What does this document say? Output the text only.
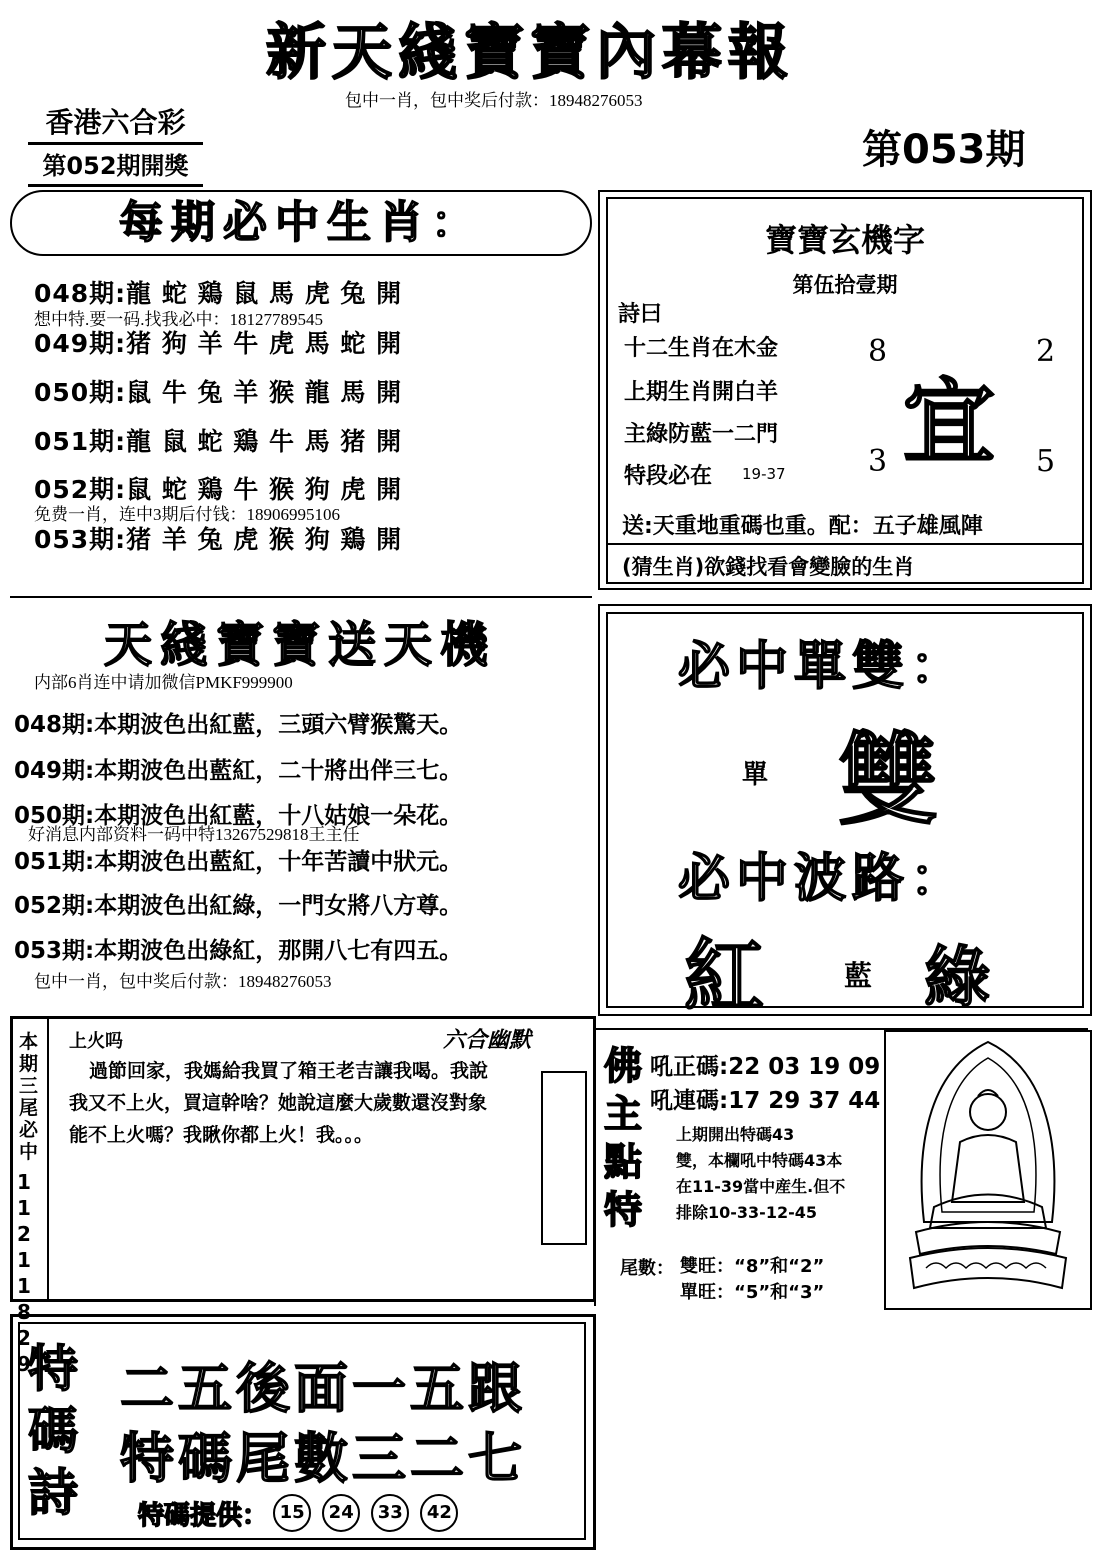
新天綫寶寶內幕報
包中一肖，包中奖后付款：18948276053
香港六合彩
第052期開獎	第053期
每期必中生肖：
048期:龍 蛇 鶏 鼠 馬 虎 兔 開
想中特.要一码.找我必中：18127789545
049期:猪 狗 羊 牛 虎 馬 蛇 開
050期:鼠 牛 兔 羊 猴 龍 馬 開
051期:龍 鼠 蛇 鶏 牛 馬 猪 開
052期:鼠 蛇 鶏 牛 猴 狗 虎 開
免费一肖，连中3期后付钱：18906995106
053期:猪 羊 兔 虎 猴 狗 鶏 開
寶寶玄機字
第伍拾壹期
詩曰
十二生肖在木金
上期生肖開白羊
主綠防藍一二門
特段必在 19-37
8	2
3	5
宜
送:天重地重碼也重。配：五子雄風陣
(猜生肖)欲錢找看會變臉的生肖
天綫寶寶送天機
内部6肖连中请加微信PMKF999900
048期:本期波色出紅藍，三頭六臂猴驚天。
049期:本期波色出藍紅，二十將出伴三七。
050期:本期波色出紅藍，十八姑娘一朵花。
好消息内部资料一码中特13267529818王主任
051期:本期波色出藍紅，十年苦讀中狀元。
052期:本期波色出紅綠，一門女將八方尊。
053期:本期波色出綠紅，那開八七有四五。
包中一肖，包中奖后付款：18948276053
必中單雙：
單 雙
必中波路：
紅	藍 綠
本期三尾必中
11 21 18 29
上火吗	六合幽默
過節回家，我媽給我買了箱王老吉讓我喝。我說我又不上火，買這幹啥？她說這麼大歲數還沒對象能不上火嗎？我瞅你都上火！我。。。
佛主點特
吼正碼:22 03 19 09
吼連碼:17 29 37 44
上期開出特碼43
雙，本欄吼中特碼43本
在11-39當中産生.但不
排除10-33-12-45
尾數： 雙旺：“8”和“2”
單旺：“5”和“3”
特碼詩
二五後面一五跟
特碼尾數三二七
特碼提供： 15 24 33 42
